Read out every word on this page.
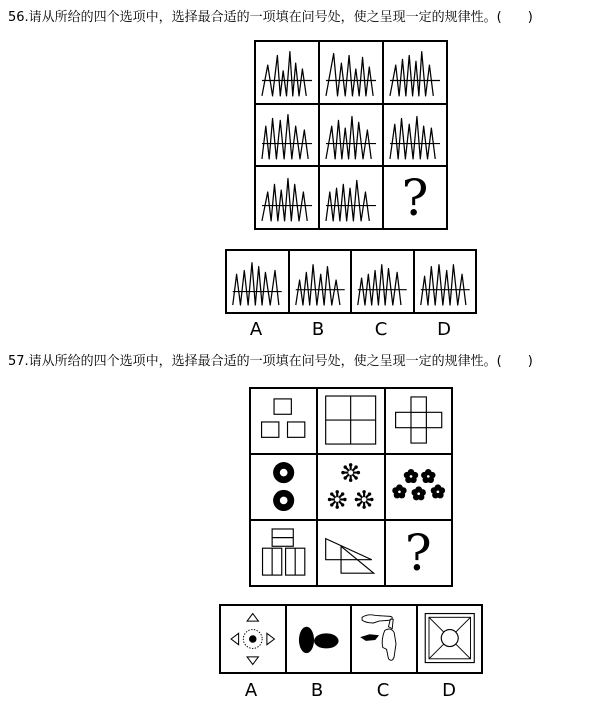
56.请从所给的四个选项中，选择最合适的一项填在问号处，使之呈现一定的规律性。(　　)
?
A	B	C	D
57.请从所给的四个选项中，选择最合适的一项填在问号处，使之呈现一定的规律性。(　　)
?
A	B	C	D
